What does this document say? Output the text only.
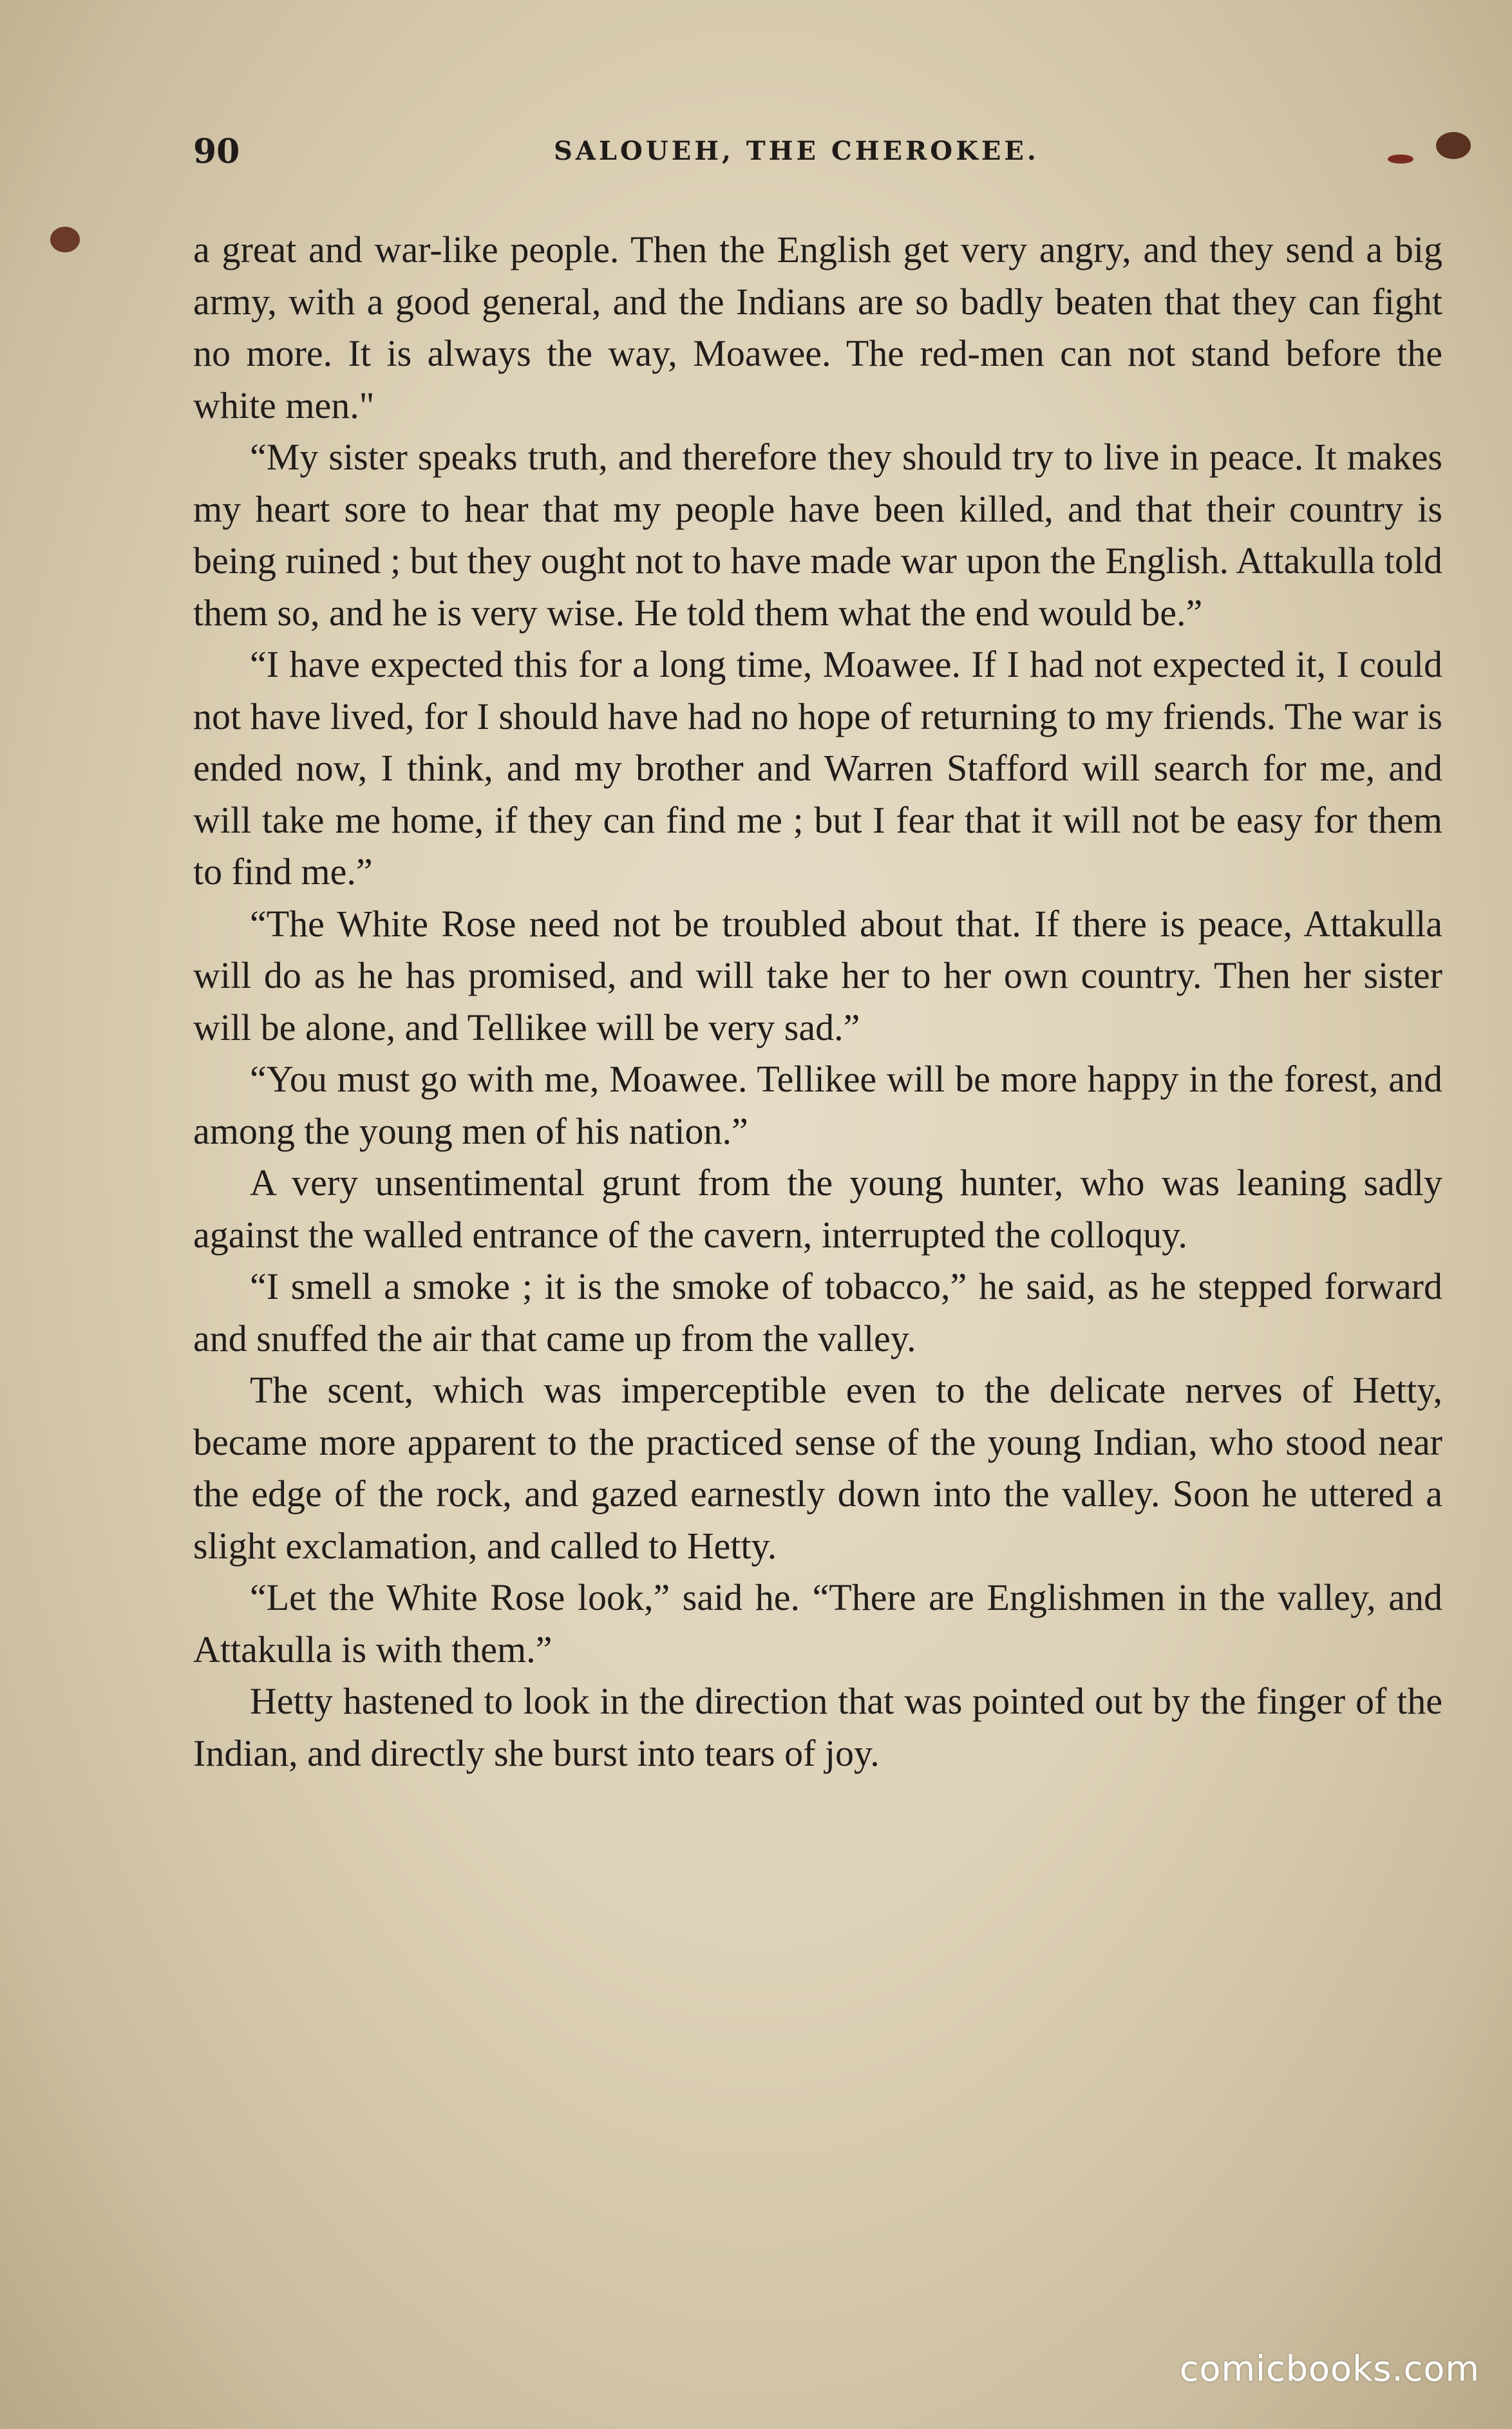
90	SALOUEH, THE CHEROKEE.

a great and war-like people. Then the English get very angry, and they send a big army, with a good general, and the Indians are so badly beaten that they can fight no more. It is always the way, Moawee. The red-men can not stand before the white men."

“My sister speaks truth, and therefore they should try to live in peace. It makes my heart sore to hear that my people have been killed, and that their country is being ruined ; but they ought not to have made war upon the English. Attakulla told them so, and he is very wise. He told them what the end would be.”

“I have expected this for a long time, Moawee. If I had not expected it, I could not have lived, for I should have had no hope of returning to my friends. The war is ended now, I think, and my brother and Warren Stafford will search for me, and will take me home, if they can find me ; but I fear that it will not be easy for them to find me.”

“The White Rose need not be troubled about that. If there is peace, Attakulla will do as he has promised, and will take her to her own country. Then her sister will be alone, and Tellikee will be very sad.”

“You must go with me, Moawee. Tellikee will be more happy in the forest, and among the young men of his nation.”

A very unsentimental grunt from the young hunter, who was leaning sadly against the walled entrance of the cavern, interrupted the colloquy.

“I smell a smoke ; it is the smoke of tobacco,” he said, as he stepped forward and snuffed the air that came up from the valley.

The scent, which was imperceptible even to the delicate nerves of Hetty, became more apparent to the practiced sense of the young Indian, who stood near the edge of the rock, and gazed earnestly down into the valley. Soon he uttered a slight exclamation, and called to Hetty.

“Let the White Rose look,” said he. “There are Englishmen in the valley, and Attakulla is with them.”

Hetty hastened to look in the direction that was pointed out by the finger of the Indian, and directly she burst into tears of joy.

comicbooks.com
